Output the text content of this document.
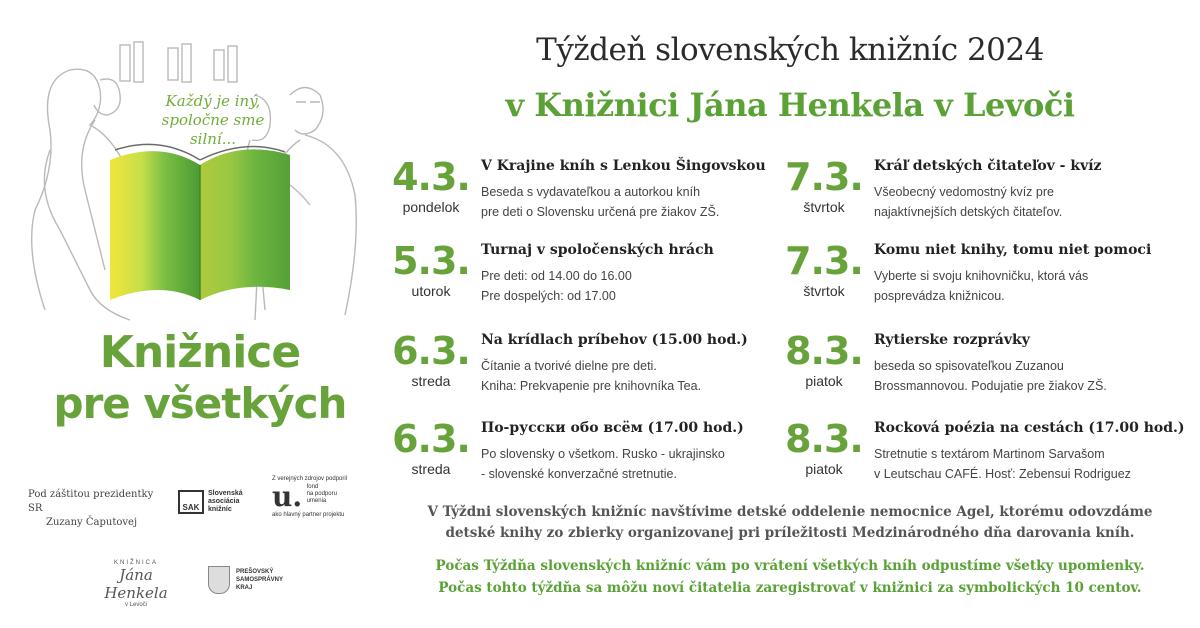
Každý je iný,
spoločne sme
silní...
Knižnice
pre všetkých
Pod záštitou prezidentky SR
Zuzany Čaputovej
SAK
Slovenská
asociácia
knižníc
Z verejných zdrojov podporil
u. fond
na podporu
umenia
ako hlavný partner projektu
KNIŽNICA
Jána Henkela
v Levoči
PREŠOVSKÝ
SAMOSPRÁVNY
KRAJ
Týždeň slovenských knižníc 2024
v Knižnici Jána Henkela v Levoči
4.3.
pondelok
V Krajine kníh s Lenkou Šingovskou
Beseda s vydavateľkou a autorkou kníh
pre deti o Slovensku určená pre žiakov ZŠ.
5.3.
utorok
Turnaj v spoločenských hrách
Pre deti: od 14.00 do 16.00
Pre dospelých: od 17.00
6.3.
streda
Na krídlach príbehov (15.00 hod.)
Čítanie a tvorivé dielne pre deti.
Kniha: Prekvapenie pre knihovníka Tea.
6.3.
streda
По-русски обо всём (17.00 hod.)
Po slovensky o všetkom. Rusko - ukrajinsko
- slovenské konverzačné stretnutie.
7.3.
štvrtok
Kráľ detských čitateľov - kvíz
Všeobecný vedomostný kvíz pre
najaktívnejších detských čitateľov.
7.3.
štvrtok
Komu niet knihy, tomu niet pomoci
Vyberte si svoju knihovničku, ktorá vás
posprevádza knižnicou.
8.3.
piatok
Rytierske rozprávky
beseda so spisovateľkou Zuzanou
Brossmannovou. Podujatie pre žiakov ZŠ.
8.3.
piatok
Rocková poézia na cestách (17.00 hod.)
Stretnutie s textárom Martinom Sarvašom
v Leutschau CAFÉ. Hosť: Zebensui Rodriguez
V Týždni slovenských knižníc navštívime detské oddelenie nemocnice Agel, ktorému odovzdáme
detské knihy zo zbierky organizovanej pri príležitosti Medzinárodného dňa darovania kníh.
Počas Týždňa slovenských knižníc vám po vrátení všetkých kníh odpustíme všetky upomienky.
Počas tohto týždňa sa môžu noví čitatelia zaregistrovať v knižnici za symbolických 10 centov.
